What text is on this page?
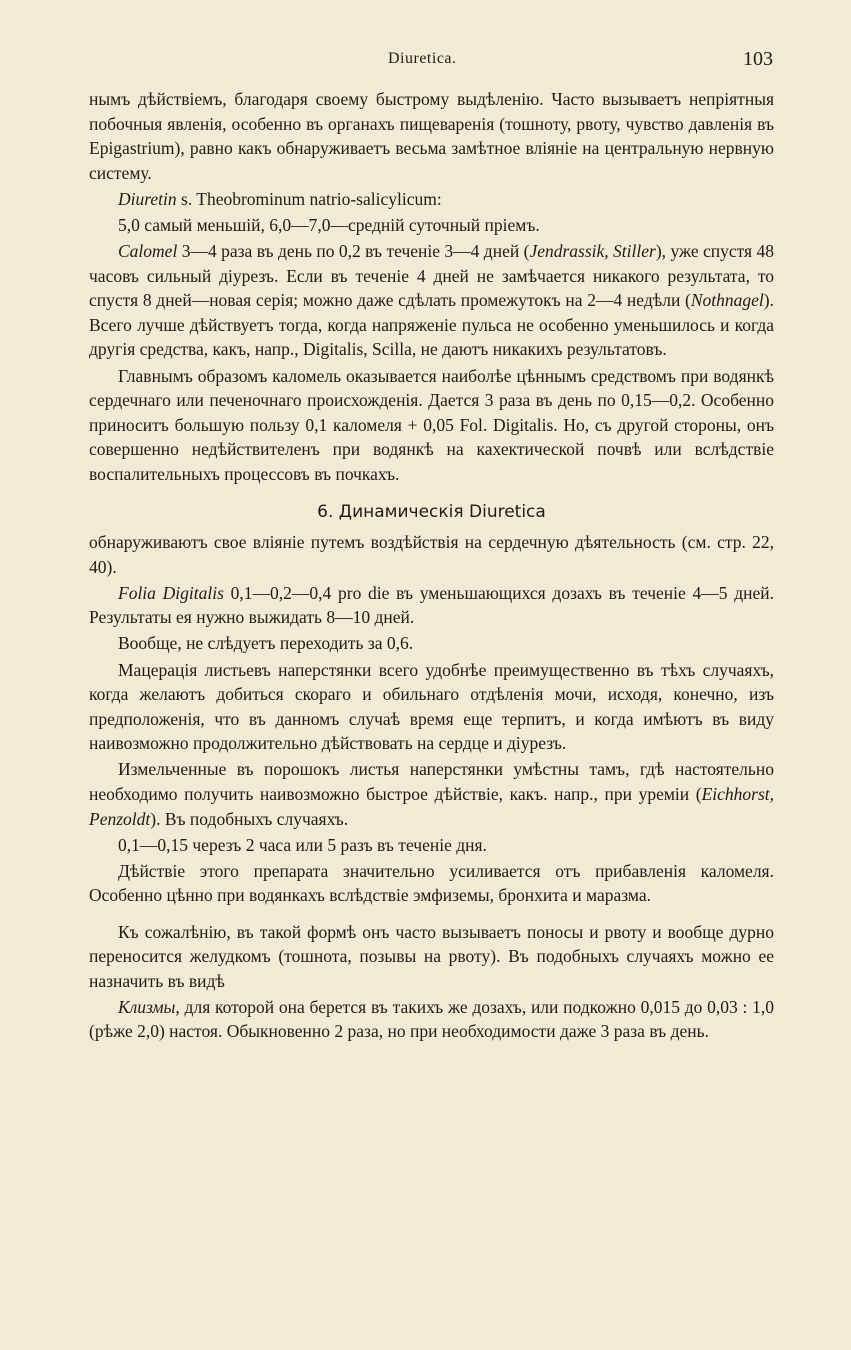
Diuretica.	103

нымъ дѣйствіемъ, благодаря своему быстрому выдѣленію. Часто вызываетъ непріятныя побочныя явленія, особенно въ органахъ пищеваренія (тошноту, рвоту, чувство давленія въ Epigastrium), равно какъ обнаруживаетъ весьма замѣтное вліяніе на центральную нервную систему.

Diuretin s. Theobrominum natrio-salicylicum:

5,0 самый меньшій, 6,0—7,0—средній суточный пріемъ.

Calomel 3—4 раза въ день по 0,2 въ теченіе 3—4 дней (Jendrassik, Stiller), уже спустя 48 часовъ сильный діурезъ. Если въ теченіе 4 дней не замѣчается никакого результата, то спустя 8 дней—новая серія; можно даже сдѣлать промежутокъ на 2—4 недѣли (Nothnagel). Всего лучше дѣйствуетъ тогда, когда напряженіе пульса не особенно уменьшилось и когда другія средства, какъ, напр., Digitalis, Scilla, не даютъ никакихъ результатовъ.

Главнымъ образомъ каломель оказывается наиболѣе цѣннымъ средствомъ при водянкѣ сердечнаго или печеночнаго происхожденія. Дается 3 раза въ день по 0,15—0,2. Особенно приноситъ большую пользу 0,1 каломеля + 0,05 Fol. Digitalis. Но, съ другой стороны, онъ совершенно недѣйствителенъ при водянкѣ на кахектической почвѣ или вслѣдствіе воспалительныхъ процессовъ въ почкахъ.

6. Динамическія Diuretica

обнаруживаютъ свое вліяніе путемъ воздѣйствія на сердечную дѣятельность (см. стр. 22, 40).

Folia Digitalis 0,1—0,2—0,4 pro die въ уменьшающихся дозахъ въ теченіе 4—5 дней. Результаты ея нужно выжидать 8—10 дней.

Вообще, не слѣдуетъ переходить за 0,6.

Мацерація листьевъ наперстянки всего удобнѣе преимущественно въ тѣхъ случаяхъ, когда желаютъ добиться скораго и обильнаго отдѣленія мочи, исходя, конечно, изъ предположенія, что въ данномъ случаѣ время еще терпитъ, и когда имѣютъ въ виду наивозможно продолжительно дѣйствовать на сердце и діурезъ.

Измельченные въ порошокъ листья наперстянки умѣстны тамъ, гдѣ настоятельно необходимо получить наивозможно быстрое дѣйствіе, какъ. напр., при уреміи (Eichhorst, Penzoldt). Въ подобныхъ случаяхъ.

0,1—0,15 черезъ 2 часа или 5 разъ въ теченіе дня.

Дѣйствіе этого препарата значительно усиливается отъ прибавленія каломеля. Особенно цѣнно при водянкахъ вслѣдствіе эмфиземы, бронхита и маразма.

Къ сожалѣнію, въ такой формѣ онъ часто вызываетъ поносы и рвоту и вообще дурно переносится желудкомъ (тошнота, позывы на рвоту). Въ подобныхъ случаяхъ можно ее назначить въ видѣ

Клизмы, для которой она берется въ такихъ же дозахъ, или подкожно 0,015 до 0,03 : 1,0 (рѣже 2,0) настоя. Обыкновенно 2 раза, но при необходимости даже 3 раза въ день.
